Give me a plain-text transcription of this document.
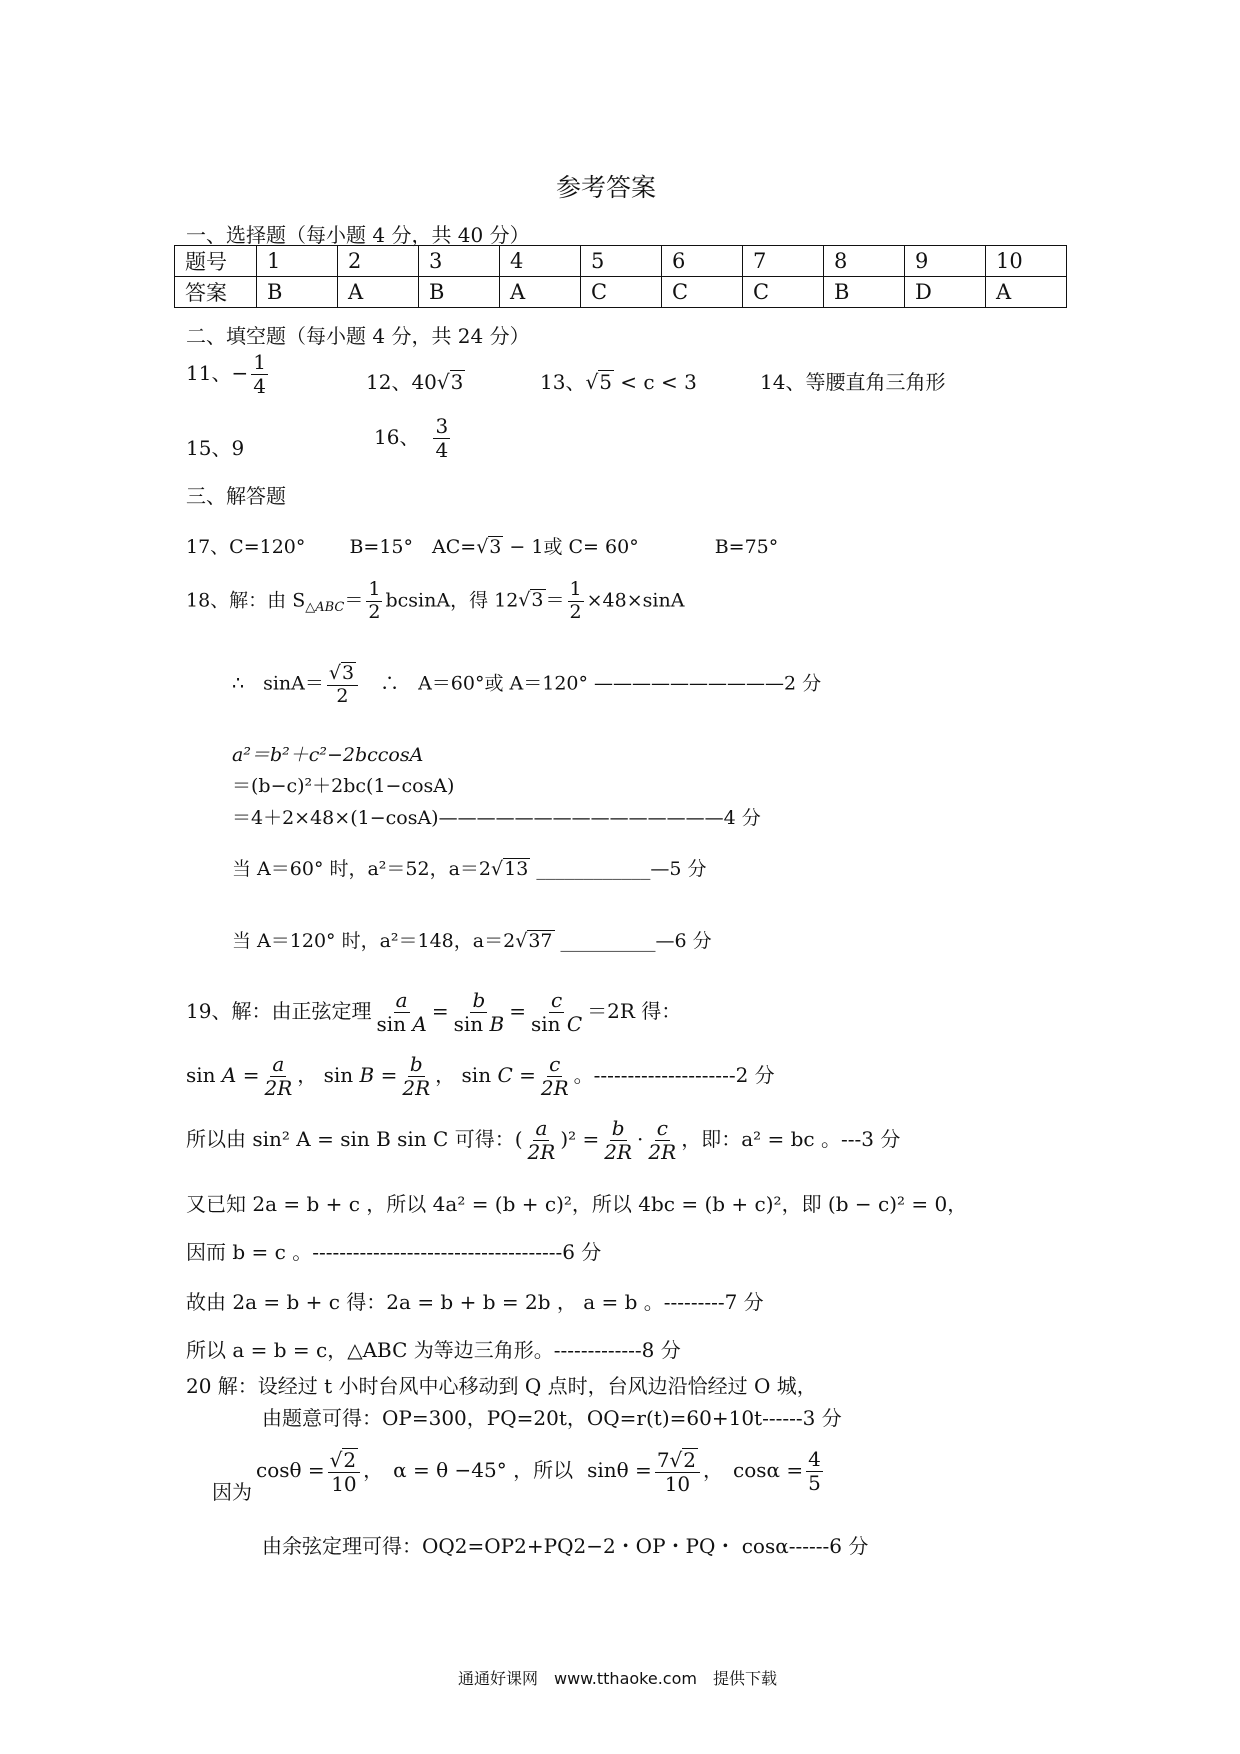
参考答案
一、选择题（每小题 4 分，共 40 分）
题号	1	2	3	4	5	6	7	8	9	10
答案	B	A	B	A	C	C	C	B	D	A
二、填空题（每小题 4 分，共 24 分）
11、− $\frac{1}{4}$	12、40√3	13、√5 < c < 3	14、等腰直角三角形
15、9	16、 $\frac{3}{4}$
三、解答题
17、C=120°　　 B=15°　AC=√3 − 1或 C= 60°　　　　B=75°
18、解：由 $S_{\triangle ABC}= \frac{1}{2}$ bcsinA，得 $12√3 = \frac{1}{2} \times 48\times\sin A$
∴　$\sin A= \frac{√3}{2}$ 　∴　A＝60°或 A＝120° ——————————2 分
a²＝b²＋c²−2bccosA
＝(b−c)²＋2bc(1−cosA)
＝4＋2×48×(1−cosA)———————————————4 分
当 A＝60° 时，a²＝52，a＝2√13 ____________—5 分
当 A＝120° 时，a²＝148，a＝2√37 __________—6 分
19、解：由正弦定理 $\frac{a}{\text{sin A}} = \frac{b}{\text{sin B}} = \frac{c}{\text{sin C}} =2R$ 得：
$\sin A = \frac{a}{2R}$ ， $\sin B = \frac{b}{2R}$ ， $\sin C = \frac{c}{2R}$ 。---------------------2 分
所以由 sin² A = sin B sin C 可得：( $\frac{a}{2R} )^2 = \frac{b}{2R} \cdot \frac{c}{2R}$ ，即：a² = bc 。---3 分
又已知 2a = b + c ，所以 4a² = (b + c)²，所以 4bc = (b + c)²，即 (b − c)² = 0，
因而 b = c 。-------------------------------------6 分
故由 2a = b + c 得：2a = b + b = 2b ， a = b 。---------7 分
所以 a = b = c，△ABC 为等边三角形。-------------8 分
20 解：设经过 t 小时台风中心移动到 Q 点时，台风边沿恰经过 O 城，
由题意可得：OP=300，PQ=20t，OQ=r(t)=60+10t------3 分
因为$\cos\theta = \frac{√2}{10}$ ，　α = θ −45° ，所以 $\sin\theta = \frac{7√2}{10}$ ，　$\cos\alpha = \frac{4}{5}$
由余弦定理可得：OQ2=OP2+PQ2−2・OP・PQ・ cosα------6 分
通通好课网　www.tthaoke.com　提供下载
